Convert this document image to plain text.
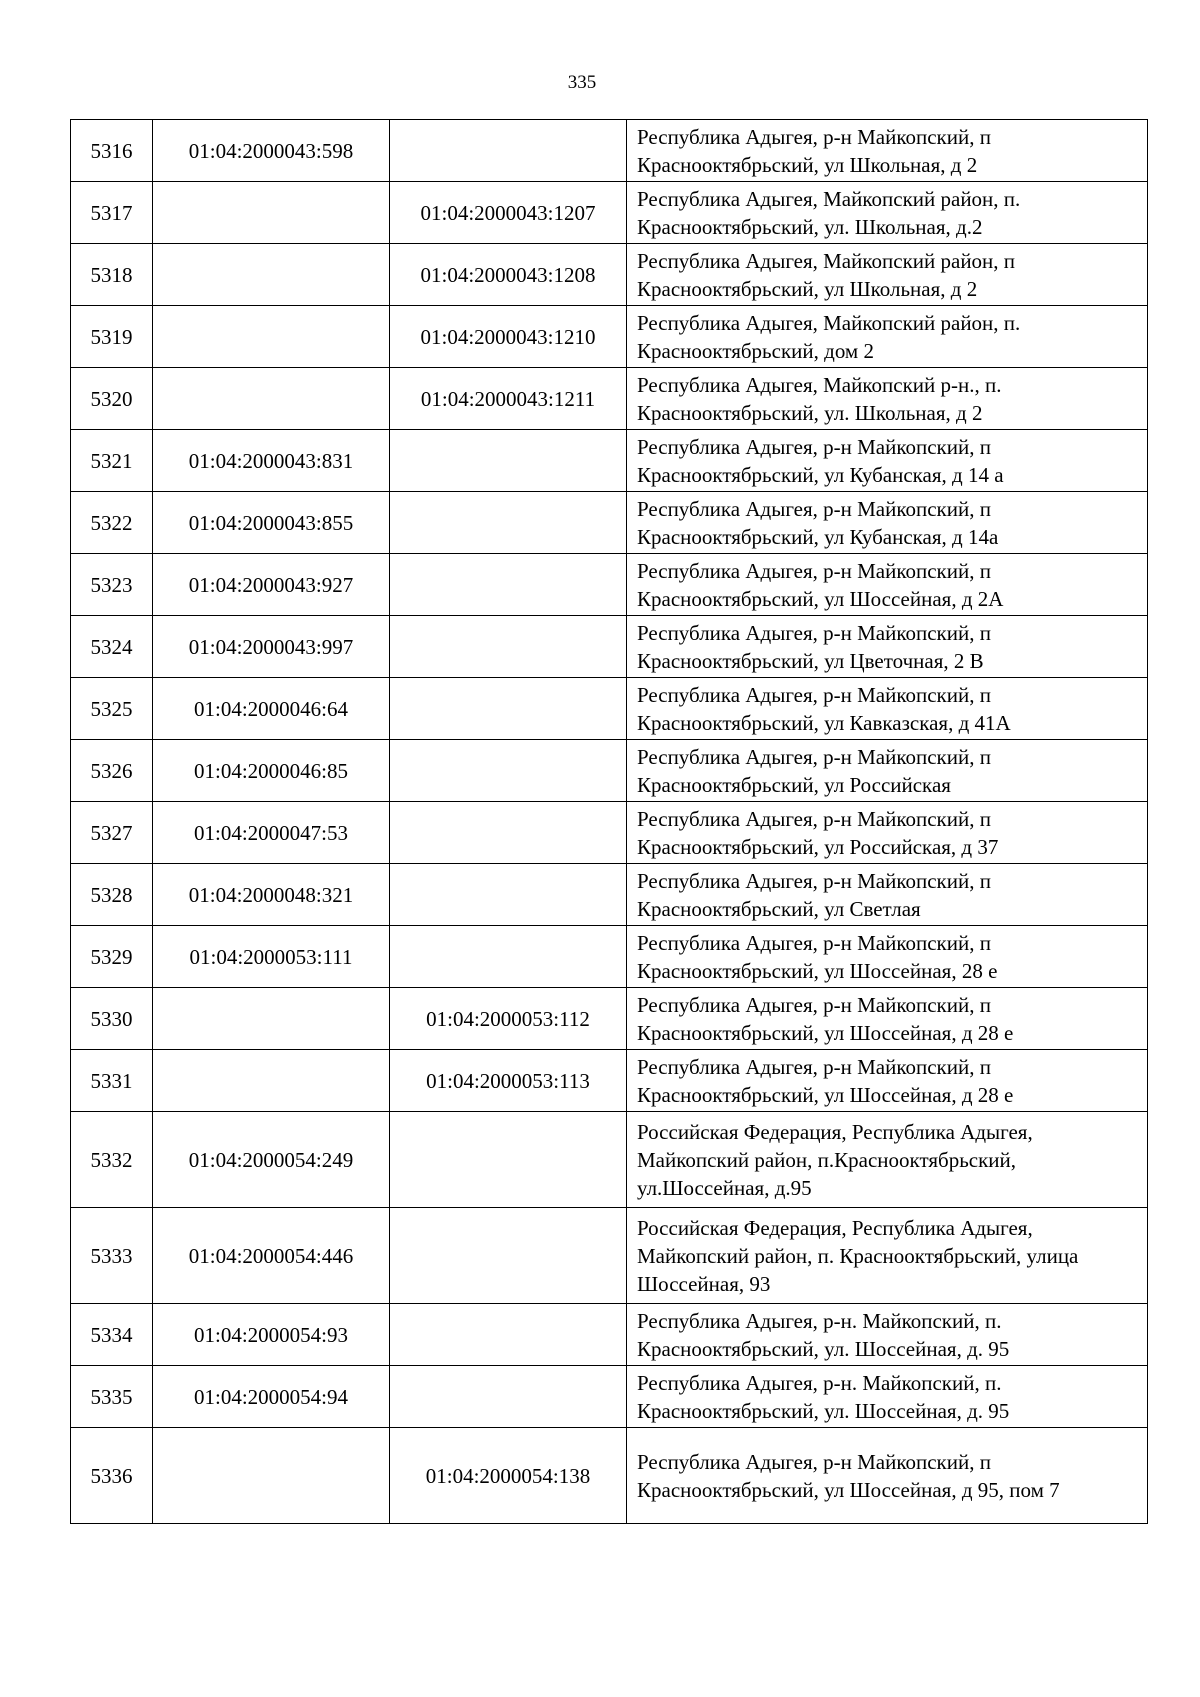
335
5316	01:04:2000043:598		Республика Адыгея, р-н Майкопский, п Краснооктябрьский, ул Школьная, д 2
5317		01:04:2000043:1207	Республика Адыгея, Майкопский район, п. Краснооктябрьский, ул. Школьная, д.2
5318		01:04:2000043:1208	Республика Адыгея, Майкопский район, п Краснооктябрьский, ул Школьная, д 2
5319		01:04:2000043:1210	Республика Адыгея, Майкопский район, п. Краснооктябрьский, дом 2
5320		01:04:2000043:1211	Республика Адыгея, Майкопский р-н., п. Краснооктябрьский, ул. Школьная, д 2
5321	01:04:2000043:831		Республика Адыгея, р-н Майкопский, п Краснооктябрьский, ул Кубанская, д 14 а
5322	01:04:2000043:855		Республика Адыгея, р-н Майкопский, п Краснооктябрьский, ул Кубанская, д 14а
5323	01:04:2000043:927		Республика Адыгея, р-н Майкопский, п Краснооктябрьский, ул Шоссейная, д 2А
5324	01:04:2000043:997		Республика Адыгея, р-н Майкопский, п Краснооктябрьский, ул Цветочная, 2 В
5325	01:04:2000046:64		Республика Адыгея, р-н Майкопский, п Краснооктябрьский, ул Кавказская, д 41А
5326	01:04:2000046:85		Республика Адыгея, р-н Майкопский, п Краснооктябрьский, ул Российская
5327	01:04:2000047:53		Республика Адыгея, р-н Майкопский, п Краснооктябрьский, ул Российская, д 37
5328	01:04:2000048:321		Республика Адыгея, р-н Майкопский, п Краснооктябрьский, ул Светлая
5329	01:04:2000053:111		Республика Адыгея, р-н Майкопский, п Краснооктябрьский, ул Шоссейная, 28 е
5330		01:04:2000053:112	Республика Адыгея, р-н Майкопский, п Краснооктябрьский, ул Шоссейная, д 28 е
5331		01:04:2000053:113	Республика Адыгея, р-н Майкопский, п Краснооктябрьский, ул Шоссейная, д 28 е
5332	01:04:2000054:249		Российская Федерация, Республика Адыгея, Майкопский район, п.Краснооктябрьский, ул.Шоссейная, д.95
5333	01:04:2000054:446		Российская Федерация, Республика Адыгея, Майкопский район, п. Краснооктябрьский, улица Шоссейная, 93
5334	01:04:2000054:93		Республика Адыгея, р-н. Майкопский, п. Краснооктябрьский, ул. Шоссейная, д. 95
5335	01:04:2000054:94		Республика Адыгея, р-н. Майкопский, п. Краснооктябрьский, ул. Шоссейная, д. 95
5336		01:04:2000054:138	Республика Адыгея, р-н Майкопский, п Краснооктябрьский, ул Шоссейная, д 95, пом 7
